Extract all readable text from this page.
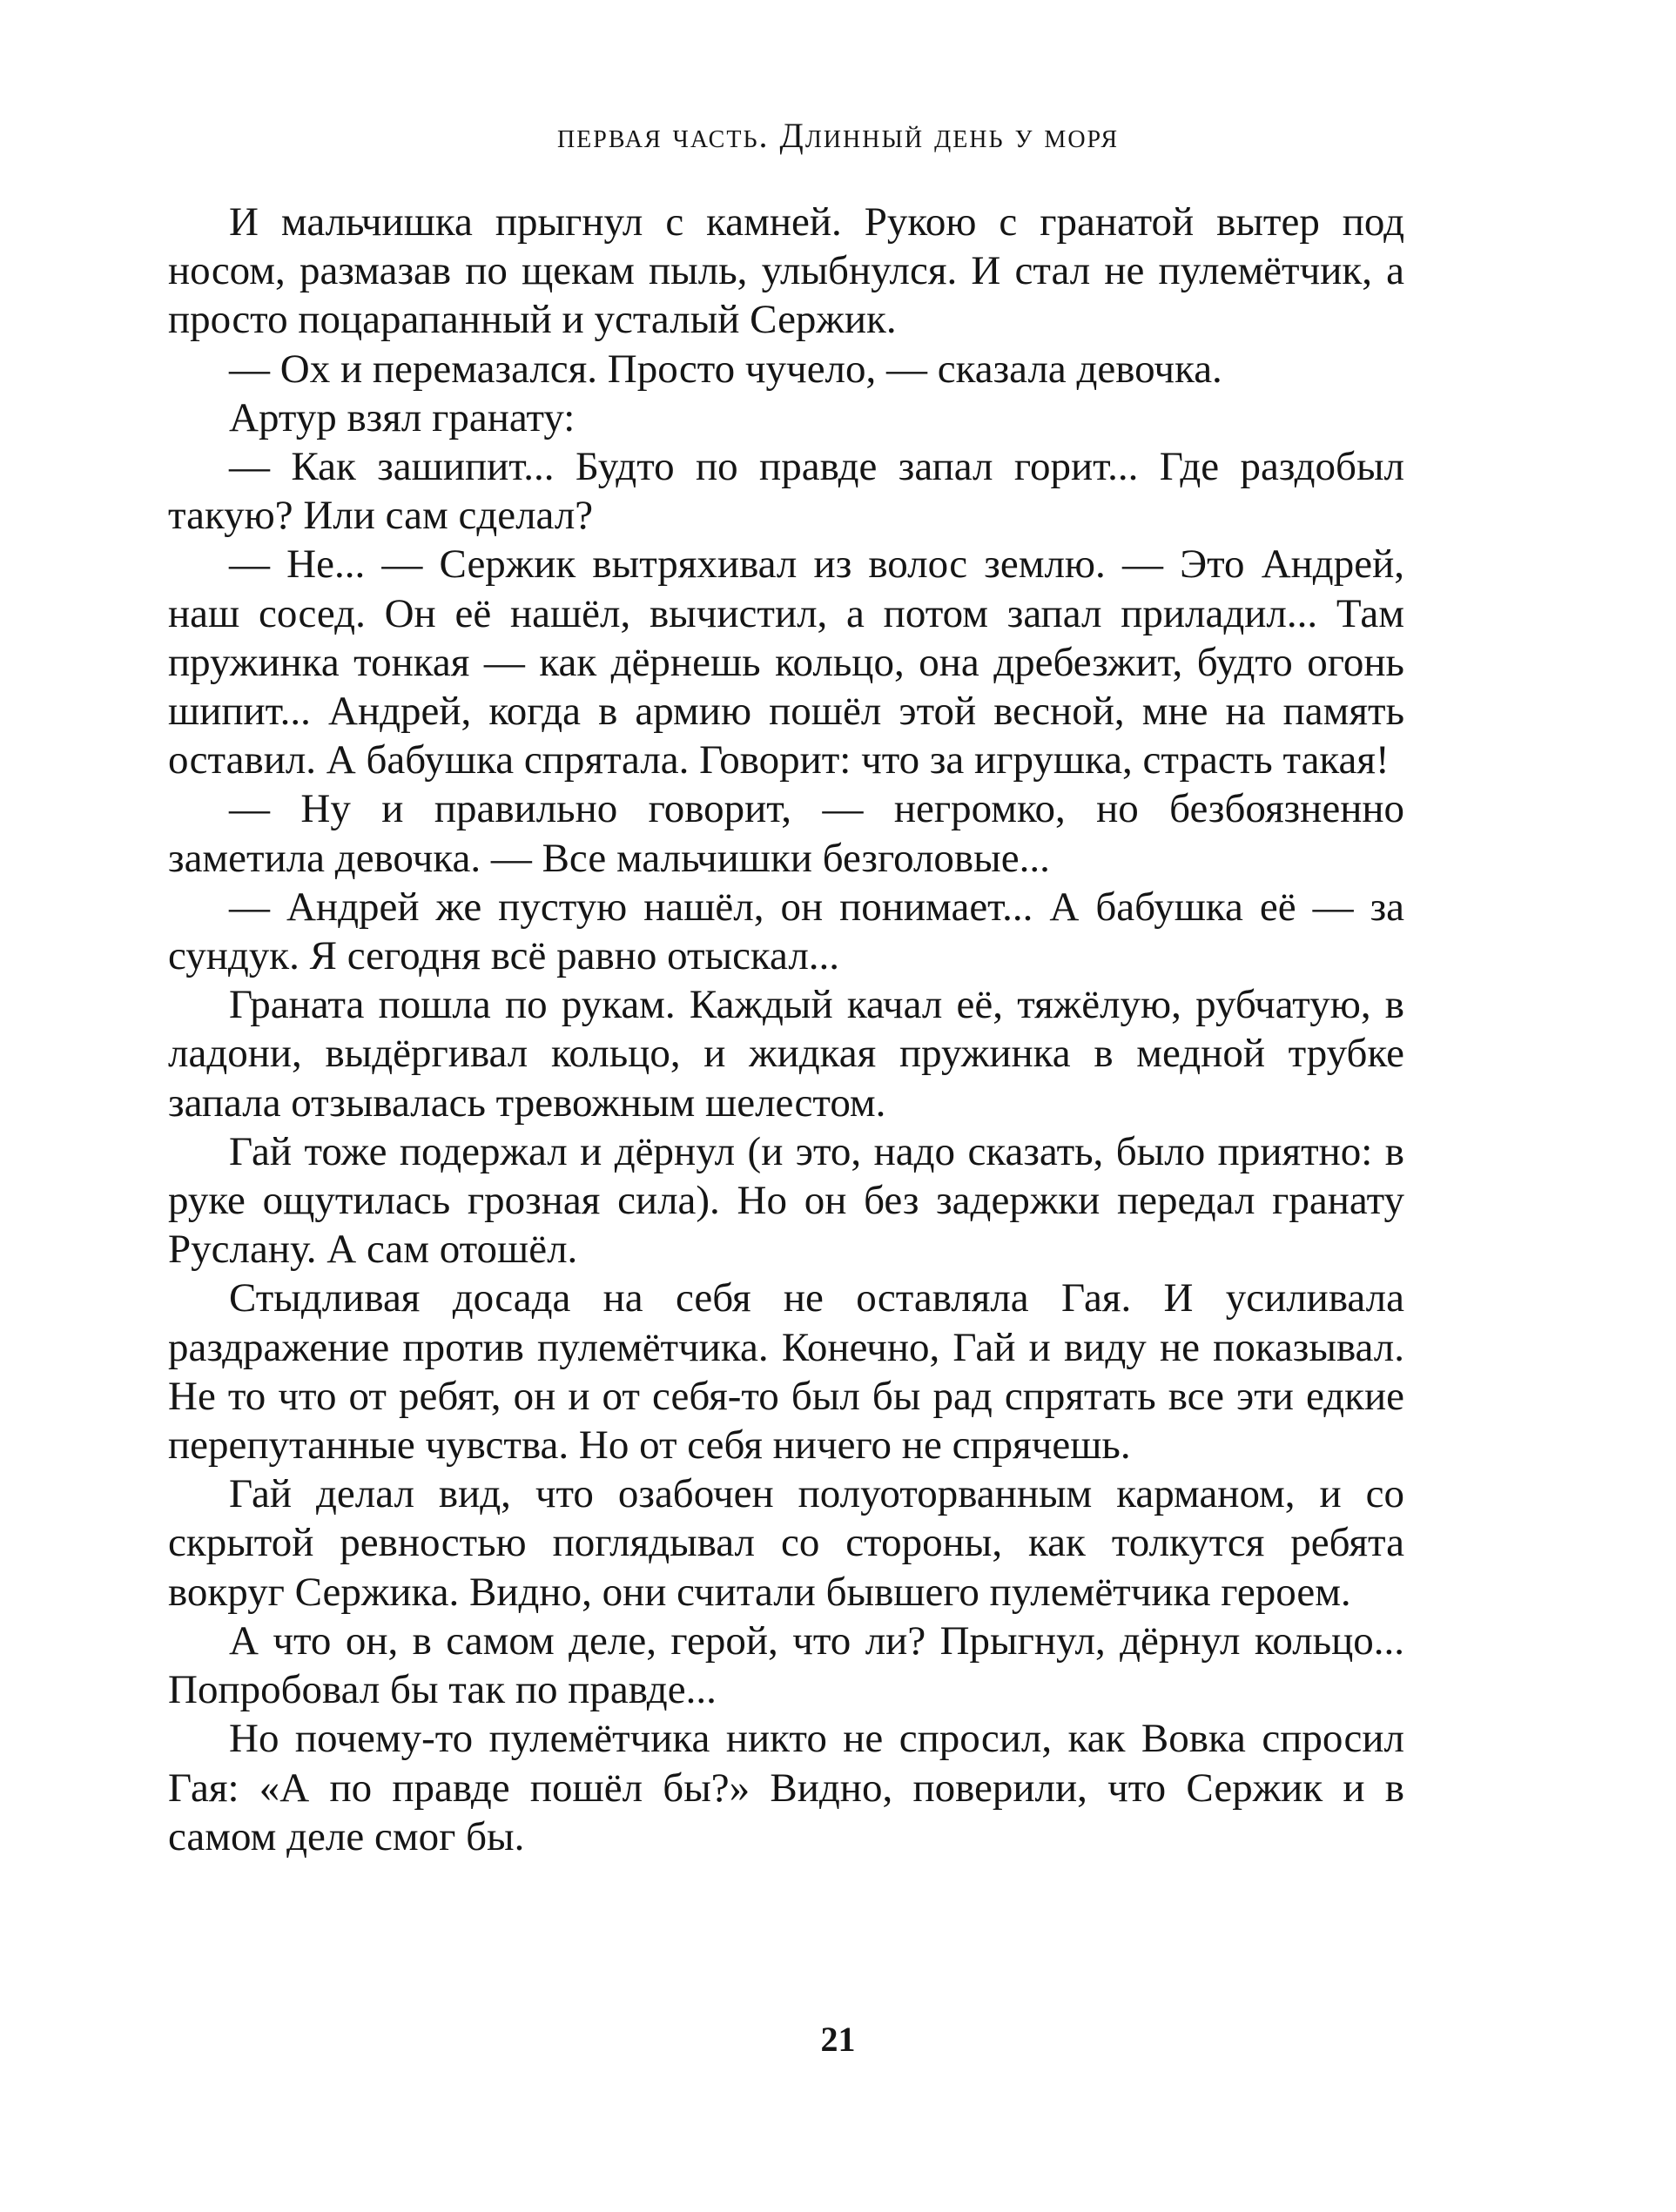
первая часть. Длинный день у моря

И мальчишка прыгнул с камней. Рукою с гранатой вытер под носом, размазав по щекам пыль, улыбнулся. И стал не пулемётчик, а просто поцарапанный и усталый Сержик.

— Ох и перемазался. Просто чучело, — сказала девочка.

Артур взял гранату:

— Как зашипит... Будто по правде запал горит... Где раздобыл такую? Или сам сделал?

— Не... — Сержик вытряхивал из волос землю. — Это Андрей, наш сосед. Он её нашёл, вычистил, а потом запал приладил... Там пружинка тонкая — как дёрнешь кольцо, она дребезжит, будто огонь шипит... Андрей, когда в армию пошёл этой весной, мне на память оставил. А бабушка спрятала. Говорит: что за игрушка, страсть такая!

— Ну и правильно говорит, — негромко, но безбоязненно заметила девочка. — Все мальчишки безголовые...

— Андрей же пустую нашёл, он понимает... А бабушка её — за сундук. Я сегодня всё равно отыскал...

Граната пошла по рукам. Каждый качал её, тяжёлую, рубчатую, в ладони, выдёргивал кольцо, и жидкая пружинка в медной трубке запала отзывалась тревожным шелестом.

Гай тоже подержал и дёрнул (и это, надо сказать, было приятно: в руке ощутилась грозная сила). Но он без задержки передал гранату Руслану. А сам отошёл.

Стыдливая досада на себя не оставляла Гая. И усиливала раздражение против пулемётчика. Конечно, Гай и виду не показывал. Не то что от ребят, он и от себя-то был бы рад спрятать все эти едкие перепутанные чувства. Но от себя ничего не спрячешь.

Гай делал вид, что озабочен полуоторванным карманом, и со скрытой ревностью поглядывал со стороны, как толкутся ребята вокруг Сержика. Видно, они считали бывшего пулемётчика героем.

А что он, в самом деле, герой, что ли? Прыгнул, дёрнул кольцо... Попробовал бы так по правде...

Но почему-то пулемётчика никто не спросил, как Вовка спросил Гая: «А по правде пошёл бы?» Видно, поверили, что Сержик и в самом деле смог бы.

21
